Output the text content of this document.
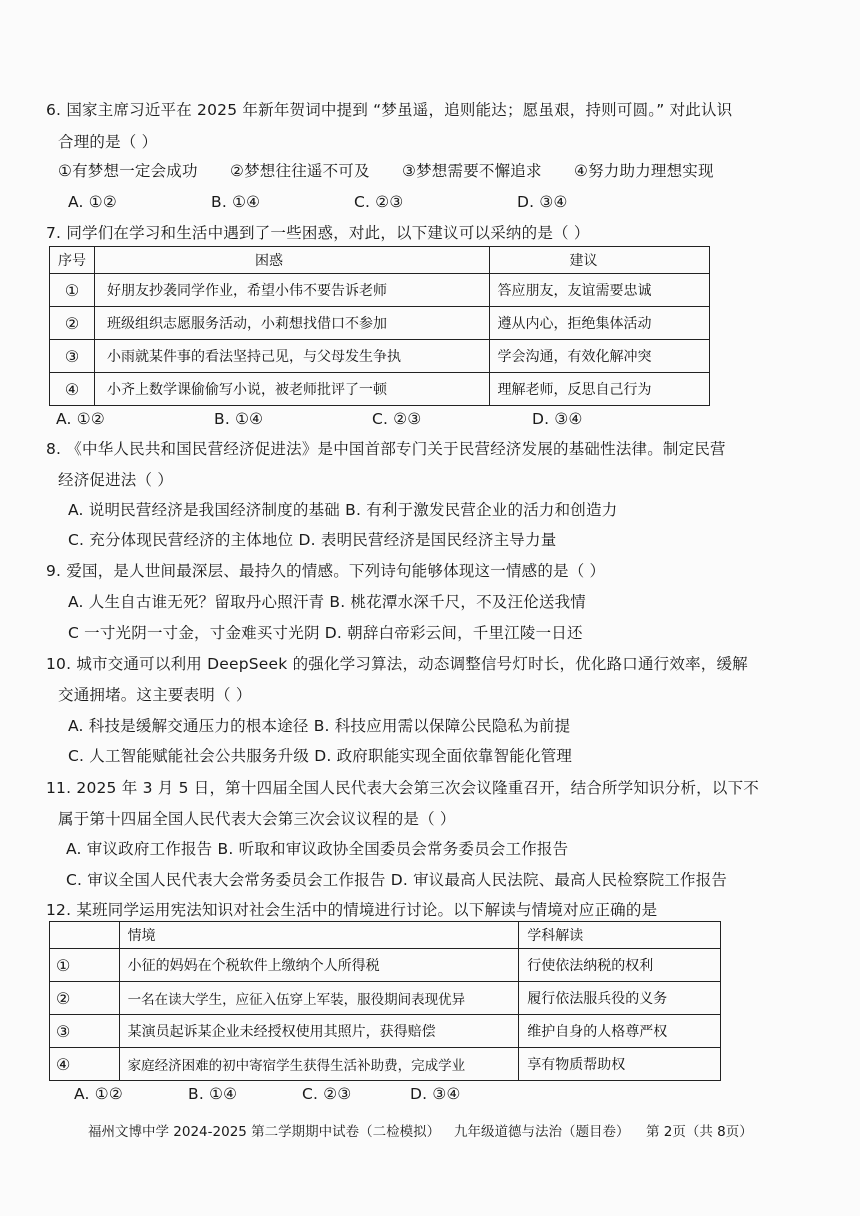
6. 国家主席习近平在 2025 年新年贺词中提到 “梦虽遥，追则能达；愿虽艰，持则可圆。” 对此认识
合理的是（ ）
①有梦想一定会成功 ②梦想往往遥不可及 ③梦想需要不懈追求 ④努力助力理想实现
A. ①②	B. ①④	C. ②③	D. ③④
7. 同学们在学习和生活中遇到了一些困惑，对此，以下建议可以采纳的是（ ）
序号	困惑	建议
①	好朋友抄袭同学作业，希望小伟不要告诉老师	答应朋友，友谊需要忠诚
②	班级组织志愿服务活动，小莉想找借口不参加	遵从内心，拒绝集体活动
③	小雨就某件事的看法坚持己见，与父母发生争执	学会沟通，有效化解冲突
④	小齐上数学课偷偷写小说，被老师批评了一顿	理解老师，反思自己行为
A. ①②	B. ①④	C. ②③	D. ③④
8. 《中华人民共和国民营经济促进法》是中国首部专门关于民营经济发展的基础性法律。制定民营
经济促进法（ ）
A. 说明民营经济是我国经济制度的基础 B. 有利于激发民营企业的活力和创造力
C. 充分体现民营经济的主体地位 D. 表明民营经济是国民经济主导力量
9. 爱国，是人世间最深层、最持久的情感。下列诗句能够体现这一情感的是（ ）
A. 人生自古谁无死？留取丹心照汗青 B. 桃花潭水深千尺，不及汪伦送我情
C 一寸光阴一寸金，寸金难买寸光阴 D. 朝辞白帝彩云间，千里江陵一日还
10. 城市交通可以利用 DeepSeek 的强化学习算法，动态调整信号灯时长，优化路口通行效率，缓解
交通拥堵。这主要表明（ ）
A. 科技是缓解交通压力的根本途径 B. 科技应用需以保障公民隐私为前提
C. 人工智能赋能社会公共服务升级 D. 政府职能实现全面依靠智能化管理
11. 2025 年 3 月 5 日，第十四届全国人民代表大会第三次会议隆重召开，结合所学知识分析，以下不
属于第十四届全国人民代表大会第三次会议议程的是（ ）
A. 审议政府工作报告 B. 听取和审议政协全国委员会常务委员会工作报告
C. 审议全国人民代表大会常务委员会工作报告 D. 审议最高人民法院、最高人民检察院工作报告
12. 某班同学运用宪法知识对社会生活中的情境进行讨论。以下解读与情境对应正确的是
	情境	学科解读
①	小征的妈妈在个税软件上缴纳个人所得税	行使依法纳税的权利
②	一名在读大学生，应征入伍穿上军装，服役期间表现优异	履行依法服兵役的义务
③	某演员起诉某企业未经授权使用其照片，获得赔偿	维护自身的人格尊严权
④	家庭经济困难的初中寄宿学生获得生活补助费，完成学业	享有物质帮助权
A. ①②	B. ①④	C. ②③	D. ③④
福州文博中学 2024-2025 第二学期期中试卷（二检模拟） 九年级道德与法治（题目卷） 第 2页（共 8页）
